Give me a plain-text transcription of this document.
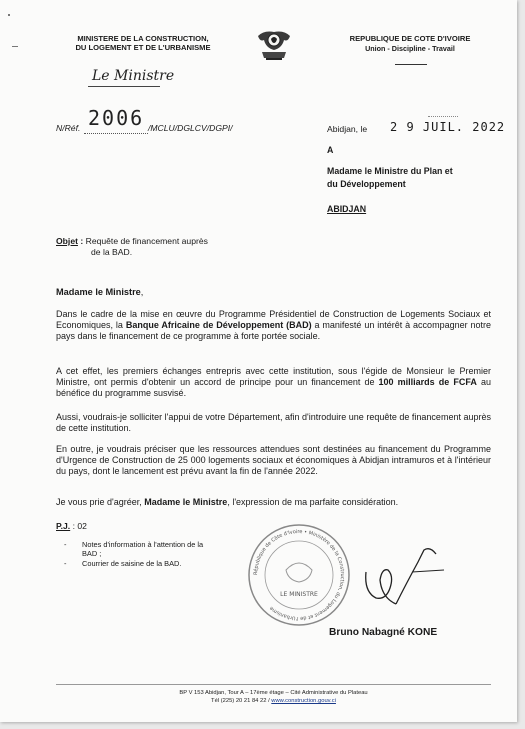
MINISTERE DE LA CONSTRUCTION,
DU LOGEMENT ET DE L'URBANISME
REPUBLIQUE DE COTE D'IVOIRE
Union - Discipline - Travail
Le Ministre
N/Réf. 2006 /MCLU/DGLCV/DGPI/	Abidjan, le 2 9 JUIL. 2022
A
Madame le Ministre du Plan et
du Développement
ABIDJAN
Objet : Requête de financement auprès
de la BAD.
Madame le Ministre,
Dans le cadre de la mise en œuvre du Programme Présidentiel de Construction de Logements Sociaux et Economiques, la Banque Africaine de Développement (BAD) a manifesté un intérêt à accompagner notre pays dans le financement de ce programme à forte portée sociale.
A cet effet, les premiers échanges entrepris avec cette institution, sous l'égide de Monsieur le Premier Ministre, ont permis d'obtenir un accord de principe pour un financement de 100 milliards de FCFA au bénéfice du programme susvisé.
Aussi, voudrais-je solliciter l'appui de votre Département, afin d'introduire une requête de financement auprès de cette institution.
En outre, je voudrais préciser que les ressources attendues sont destinées au financement du Programme d'Urgence de Construction de 25 000 logements sociaux et économiques à Abidjan intramuros et à l'intérieur du pays, dont le lancement est prévu avant la fin de l'année 2022.
Je vous prie d'agréer, Madame le Ministre, l'expression de ma parfaite considération.
P.J. : 02
-	Notes d'information à l'attention de la BAD ;
-	Courrier de saisine de la BAD.
République de Côte d'Ivoire • Ministère de la Construction, du Logement et de l'Urbanisme
LE MINISTRE
Bruno Nabagné KONE
BP V 153 Abidjan, Tour A – 17ème étage – Cité Administrative du Plateau
Tél (225) 20 21 84 22 / www.construction.gouv.ci
